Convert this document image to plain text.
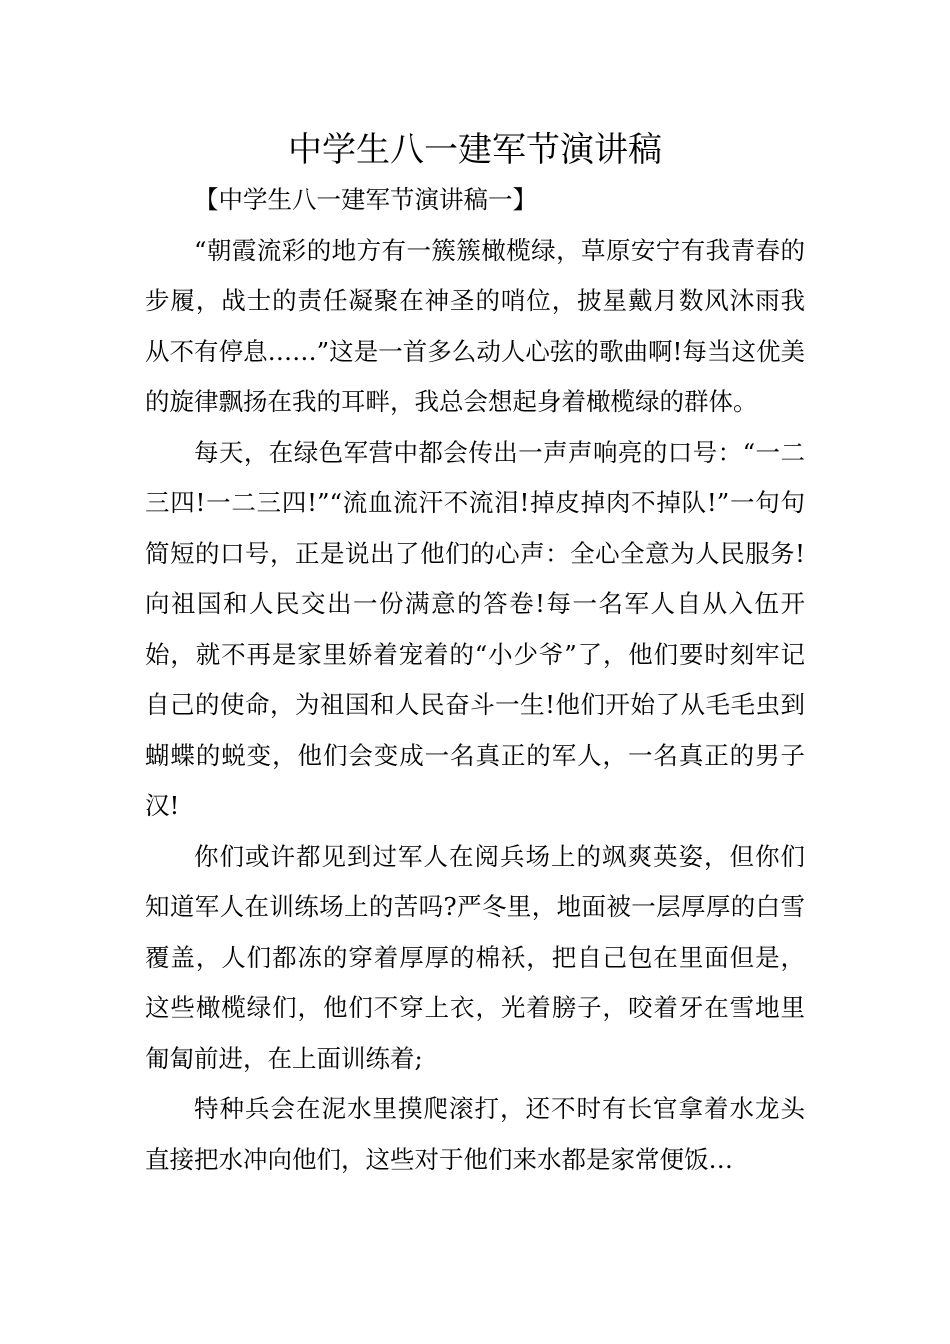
中学生八一建军节演讲稿

【中学生八一建军节演讲稿一】

“朝霞流彩的地方有一簇簇橄榄绿，草原安宁有我青春的步履，战士的责任凝聚在神圣的哨位，披星戴月数风沐雨我从不有停息……”这是一首多么动人心弦的歌曲啊!每当这优美的旋律飘扬在我的耳畔，我总会想起身着橄榄绿的群体。

每天，在绿色军营中都会传出一声声响亮的口号：“一二三四!一二三四!”“流血流汗不流泪!掉皮掉肉不掉队!”一句句简短的口号，正是说出了他们的心声：全心全意为人民服务!向祖国和人民交出一份满意的答卷!每一名军人自从入伍开始，就不再是家里娇着宠着的“小少爷”了，他们要时刻牢记自己的使命，为祖国和人民奋斗一生!他们开始了从毛毛虫到蝴蝶的蜕变，他们会变成一名真正的军人，一名真正的男子汉!

你们或许都见到过军人在阅兵场上的飒爽英姿，但你们知道军人在训练场上的苦吗?严冬里，地面被一层厚厚的白雪覆盖，人们都冻的穿着厚厚的棉袄，把自己包在里面但是，这些橄榄绿们，他们不穿上衣，光着膀子，咬着牙在雪地里匍匐前进，在上面训练着;

特种兵会在泥水里摸爬滚打，还不时有长官拿着水龙头直接把水冲向他们，这些对于他们来水都是家常便饭…
